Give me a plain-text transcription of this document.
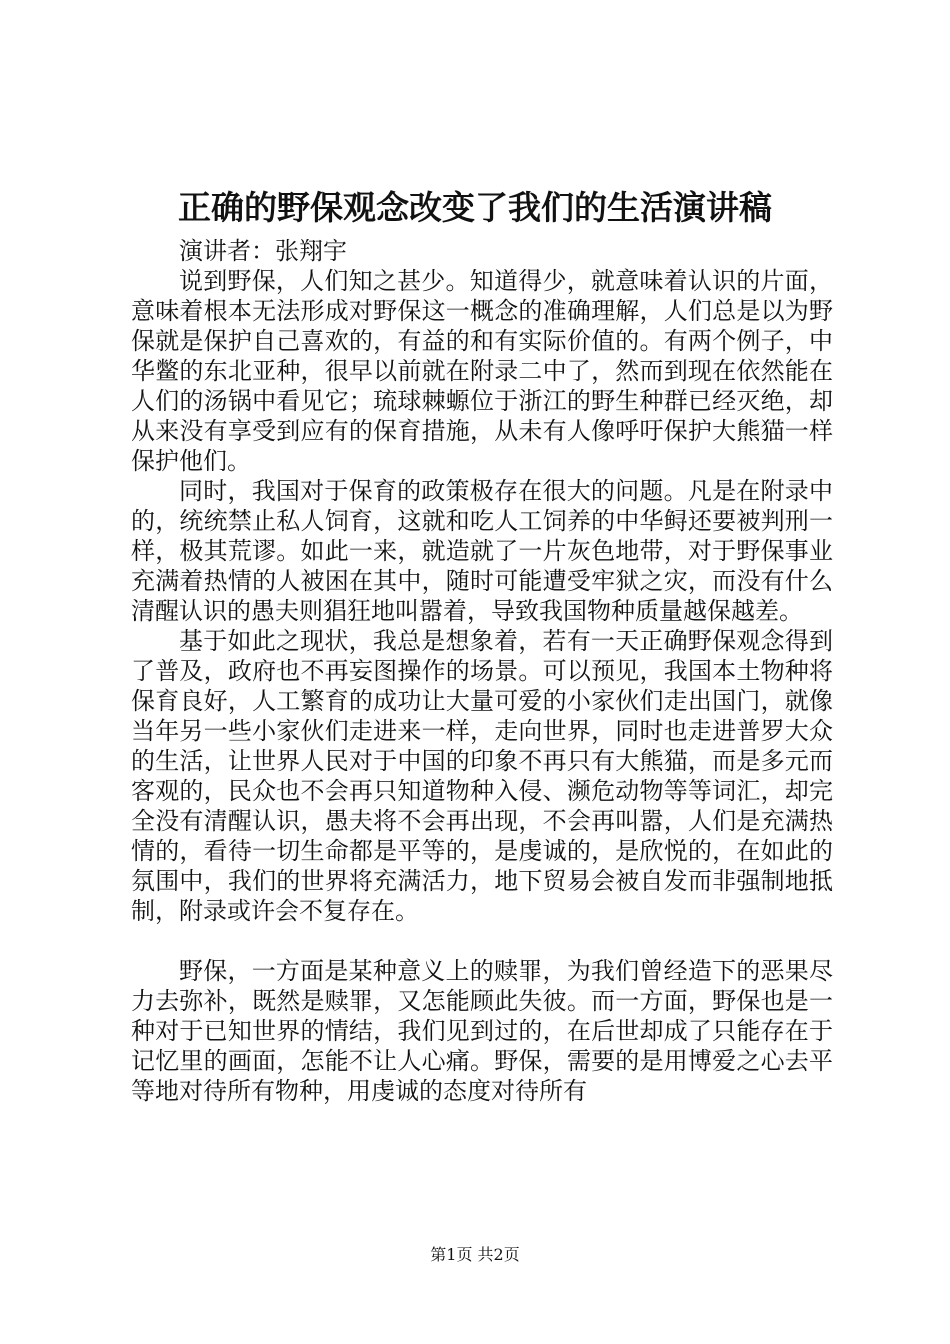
正确的野保观念改变了我们的生活演讲稿

演讲者：张翔宇

说到野保，人们知之甚少。知道得少，就意味着认识的片面，意味着根本无法形成对野保这一概念的准确理解，人们总是以为野保就是保护自己喜欢的，有益的和有实际价值的。有两个例子，中华鳖的东北亚种，很早以前就在附录二中了，然而到现在依然能在人们的汤锅中看见它；琉球棘螈位于浙江的野生种群已经灭绝，却从来没有享受到应有的保育措施，从未有人像呼吁保护大熊猫一样保护他们。

同时，我国对于保育的政策极存在很大的问题。凡是在附录中的，统统禁止私人饲育，这就和吃人工饲养的中华鲟还要被判刑一样，极其荒谬。如此一来，就造就了一片灰色地带，对于野保事业充满着热情的人被困在其中，随时可能遭受牢狱之灾，而没有什么清醒认识的愚夫则猖狂地叫嚣着，导致我国物种质量越保越差。

基于如此之现状，我总是想象着，若有一天正确野保观念得到了普及，政府也不再妄图操作的场景。可以预见，我国本土物种将保育良好，人工繁育的成功让大量可爱的小家伙们走出国门，就像当年另一些小家伙们走进来一样，走向世界，同时也走进普罗大众的生活，让世界人民对于中国的印象不再只有大熊猫，而是多元而客观的，民众也不会再只知道物种入侵、濒危动物等等词汇，却完全没有清醒认识，愚夫将不会再出现，不会再叫嚣，人们是充满热情的，看待一切生命都是平等的，是虔诚的，是欣悦的，在如此的氛围中，我们的世界将充满活力，地下贸易会被自发而非强制地抵制，附录或许会不复存在。

野保，一方面是某种意义上的赎罪，为我们曾经造下的恶果尽力去弥补，既然是赎罪，又怎能顾此失彼。而一方面，野保也是一种对于已知世界的情结，我们见到过的，在后世却成了只能存在于记忆里的画面，怎能不让人心痛。野保，需要的是用博爱之心去平等地对待所有物种，用虔诚的态度对待所有

第1页 共2页
